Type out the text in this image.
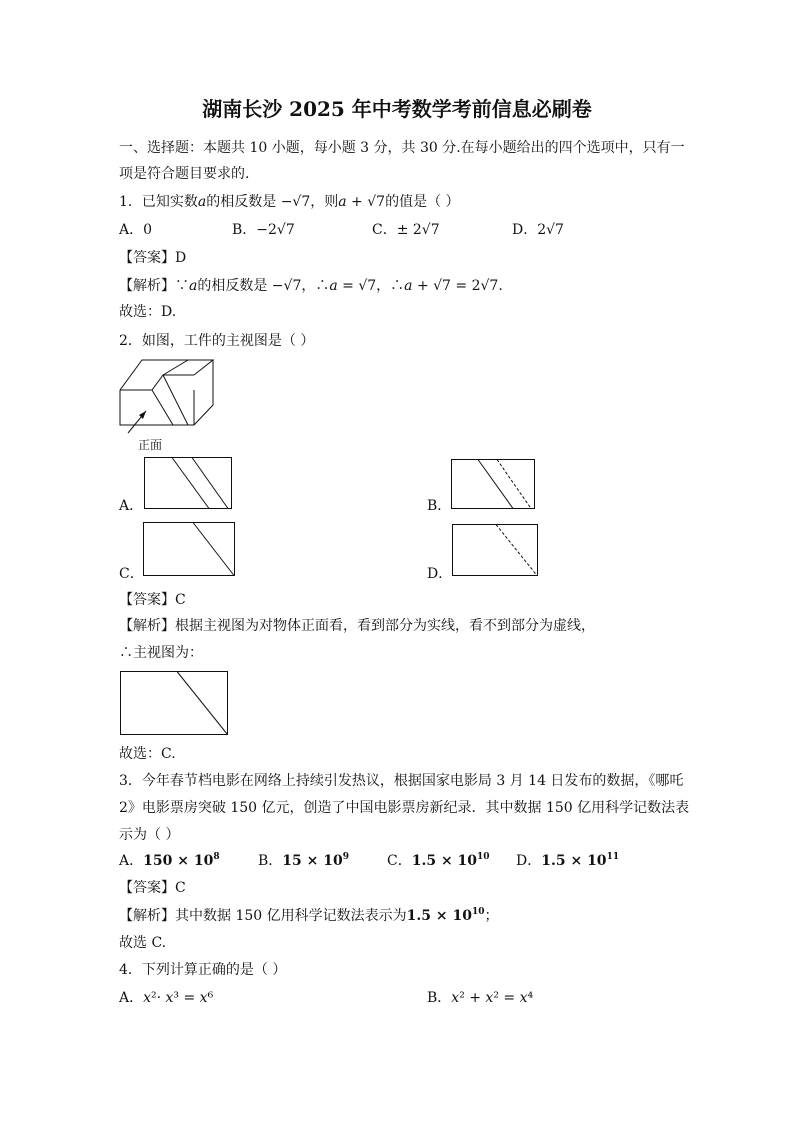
湖南长沙 2025 年中考数学考前信息必刷卷
一、选择题：本题共 10 小题，每小题 3 分，共 30 分.在每小题给出的四个选项中，只有一
项是符合题目要求的.
1．已知实数𝑎的相反数是 −√7，则𝑎 + √7的值是（ ）
A．0	B．−2√7	C．± 2√7	D．2√7
【答案】D
【解析】∵𝑎的相反数是 −√7，∴𝑎 = √7，∴𝑎 + √7 = 2√7.
故选：D.
2．如图，工件的主视图是（ ）
正面
A．	B．
C．	D．
【答案】C
【解析】根据主视图为对物体正面看，看到部分为实线，看不到部分为虚线，
∴主视图为：
故选：C.
3．今年春节档电影在网络上持续引发热议，根据国家电影局 3 月 14 日发布的数据，《哪吒
2》电影票房突破 150 亿元，创造了中国电影票房新纪录．其中数据 150 亿用科学记数法表
示为（ ）
A．$150 \times 10^8$	B．$15 \times 10^9$	C．$1.5 \times 10^{10}$ D．$1.5 \times 10^{11}$
【答案】C
【解析】其中数据 150 亿用科学记数法表示为$1.5 \times 10^{10}$；
故选 C.
4．下列计算正确的是（ ）
A．𝑥²· 𝑥³ = 𝑥⁶	B．𝑥² + 𝑥² = 𝑥⁴
